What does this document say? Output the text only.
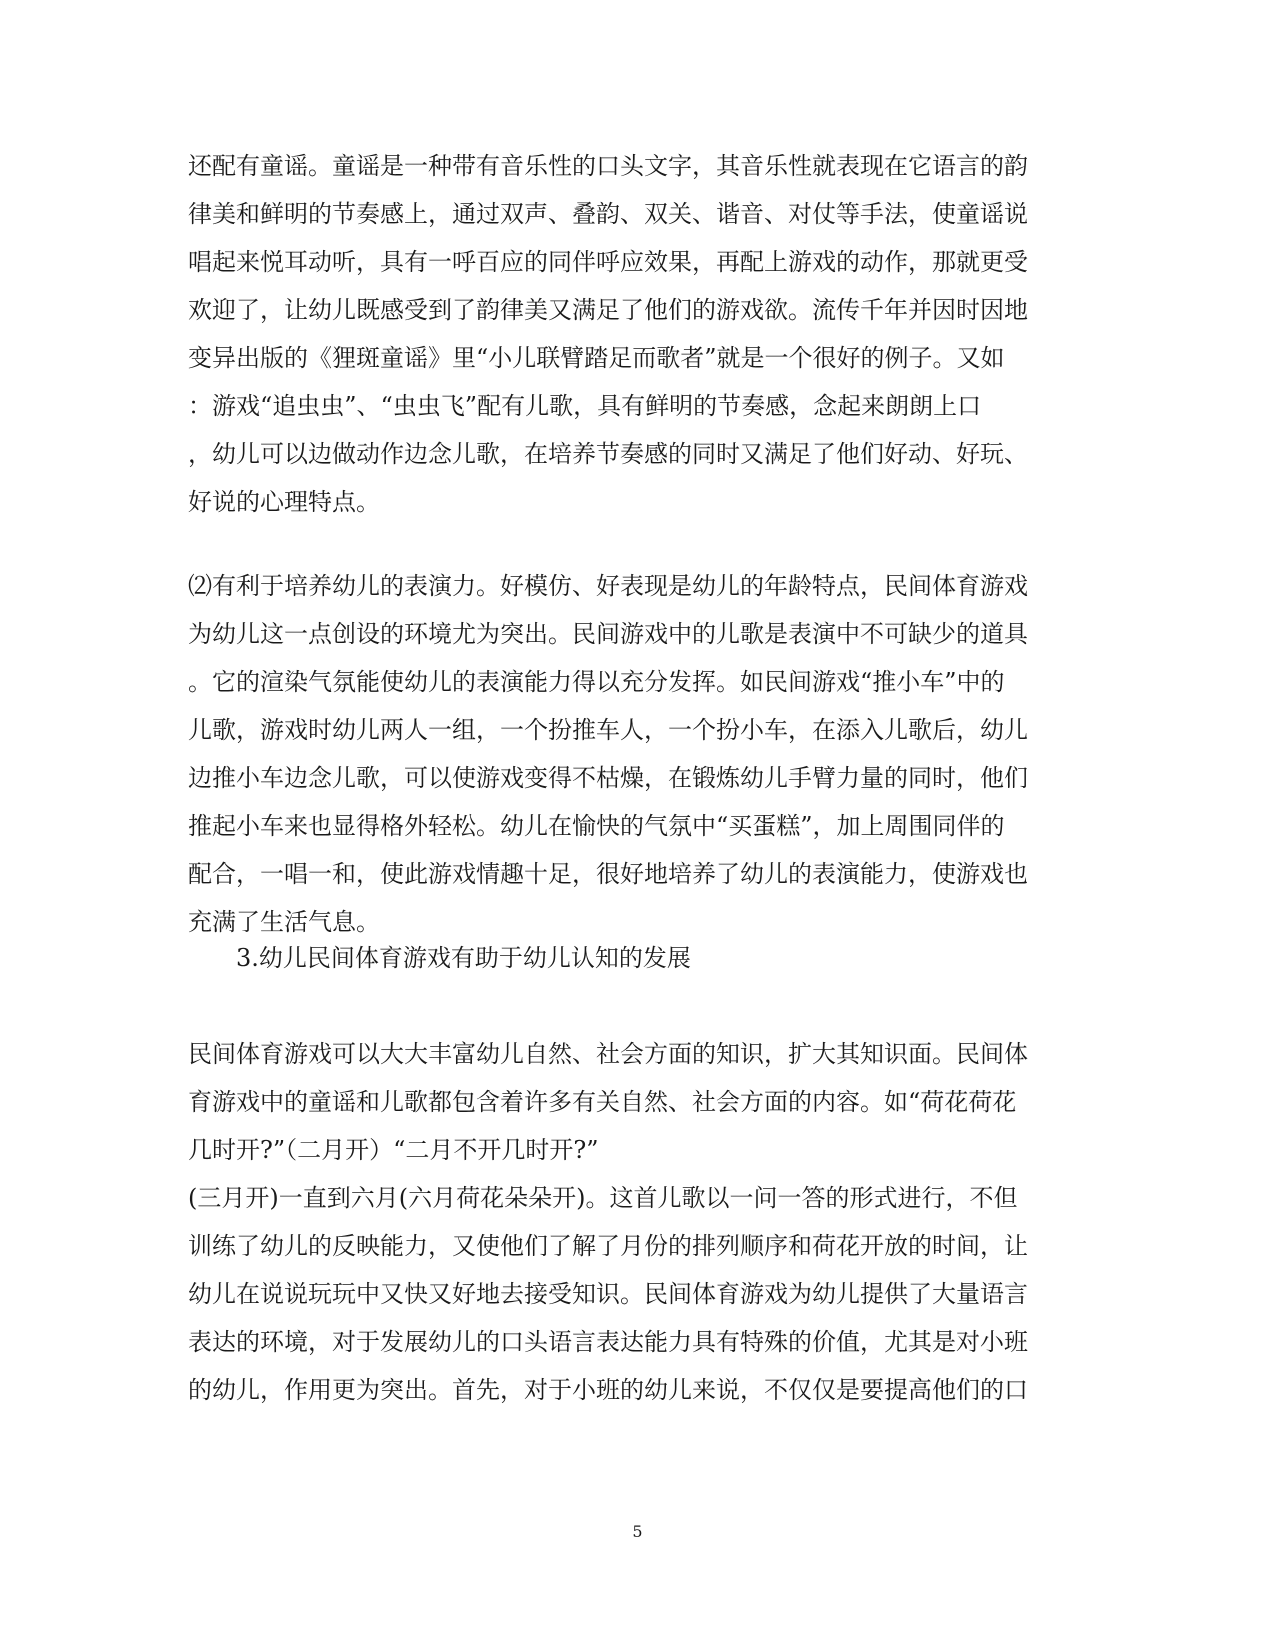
还配有童谣。童谣是一种带有音乐性的口头文字，其音乐性就表现在它语言的韵
律美和鲜明的节奏感上，通过双声、叠韵、双关、谐音、对仗等手法，使童谣说
唱起来悦耳动听，具有一呼百应的同伴呼应效果，再配上游戏的动作，那就更受
欢迎了，让幼儿既感受到了韵律美又满足了他们的游戏欲。流传千年并因时因地
变异出版的《狸斑童谣》里“小儿联臂踏足而歌者”就是一个很好的例子。又如
：游戏“追虫虫”、“虫虫飞”配有儿歌，具有鲜明的节奏感，念起来朗朗上口
，幼儿可以边做动作边念儿歌，在培养节奏感的同时又满足了他们好动、好玩、
好说的心理特点。
⑵有利于培养幼儿的表演力。好模仿、好表现是幼儿的年龄特点，民间体育游戏
为幼儿这一点创设的环境尤为突出。民间游戏中的儿歌是表演中不可缺少的道具
。它的渲染气氛能使幼儿的表演能力得以充分发挥。如民间游戏“推小车”中的
儿歌，游戏时幼儿两人一组，一个扮推车人，一个扮小车，在添入儿歌后，幼儿
边推小车边念儿歌，可以使游戏变得不枯燥，在锻炼幼儿手臂力量的同时，他们
推起小车来也显得格外轻松。幼儿在愉快的气氛中“买蛋糕”，加上周围同伴的
配合，一唱一和，使此游戏情趣十足，很好地培养了幼儿的表演能力，使游戏也
充满了生活气息。
3.幼儿民间体育游戏有助于幼儿认知的发展
民间体育游戏可以大大丰富幼儿自然、社会方面的知识，扩大其知识面。民间体
育游戏中的童谣和儿歌都包含着许多有关自然、社会方面的内容。如“荷花荷花
几时开?”（二月开）“二月不开几时开?”
(三月开)一直到六月(六月荷花朵朵开)。这首儿歌以一问一答的形式进行，不但
训练了幼儿的反映能力，又使他们了解了月份的排列顺序和荷花开放的时间，让
幼儿在说说玩玩中又快又好地去接受知识。民间体育游戏为幼儿提供了大量语言
表达的环境，对于发展幼儿的口头语言表达能力具有特殊的价值，尤其是对小班
的幼儿，作用更为突出。首先，对于小班的幼儿来说，不仅仅是要提高他们的口
5
